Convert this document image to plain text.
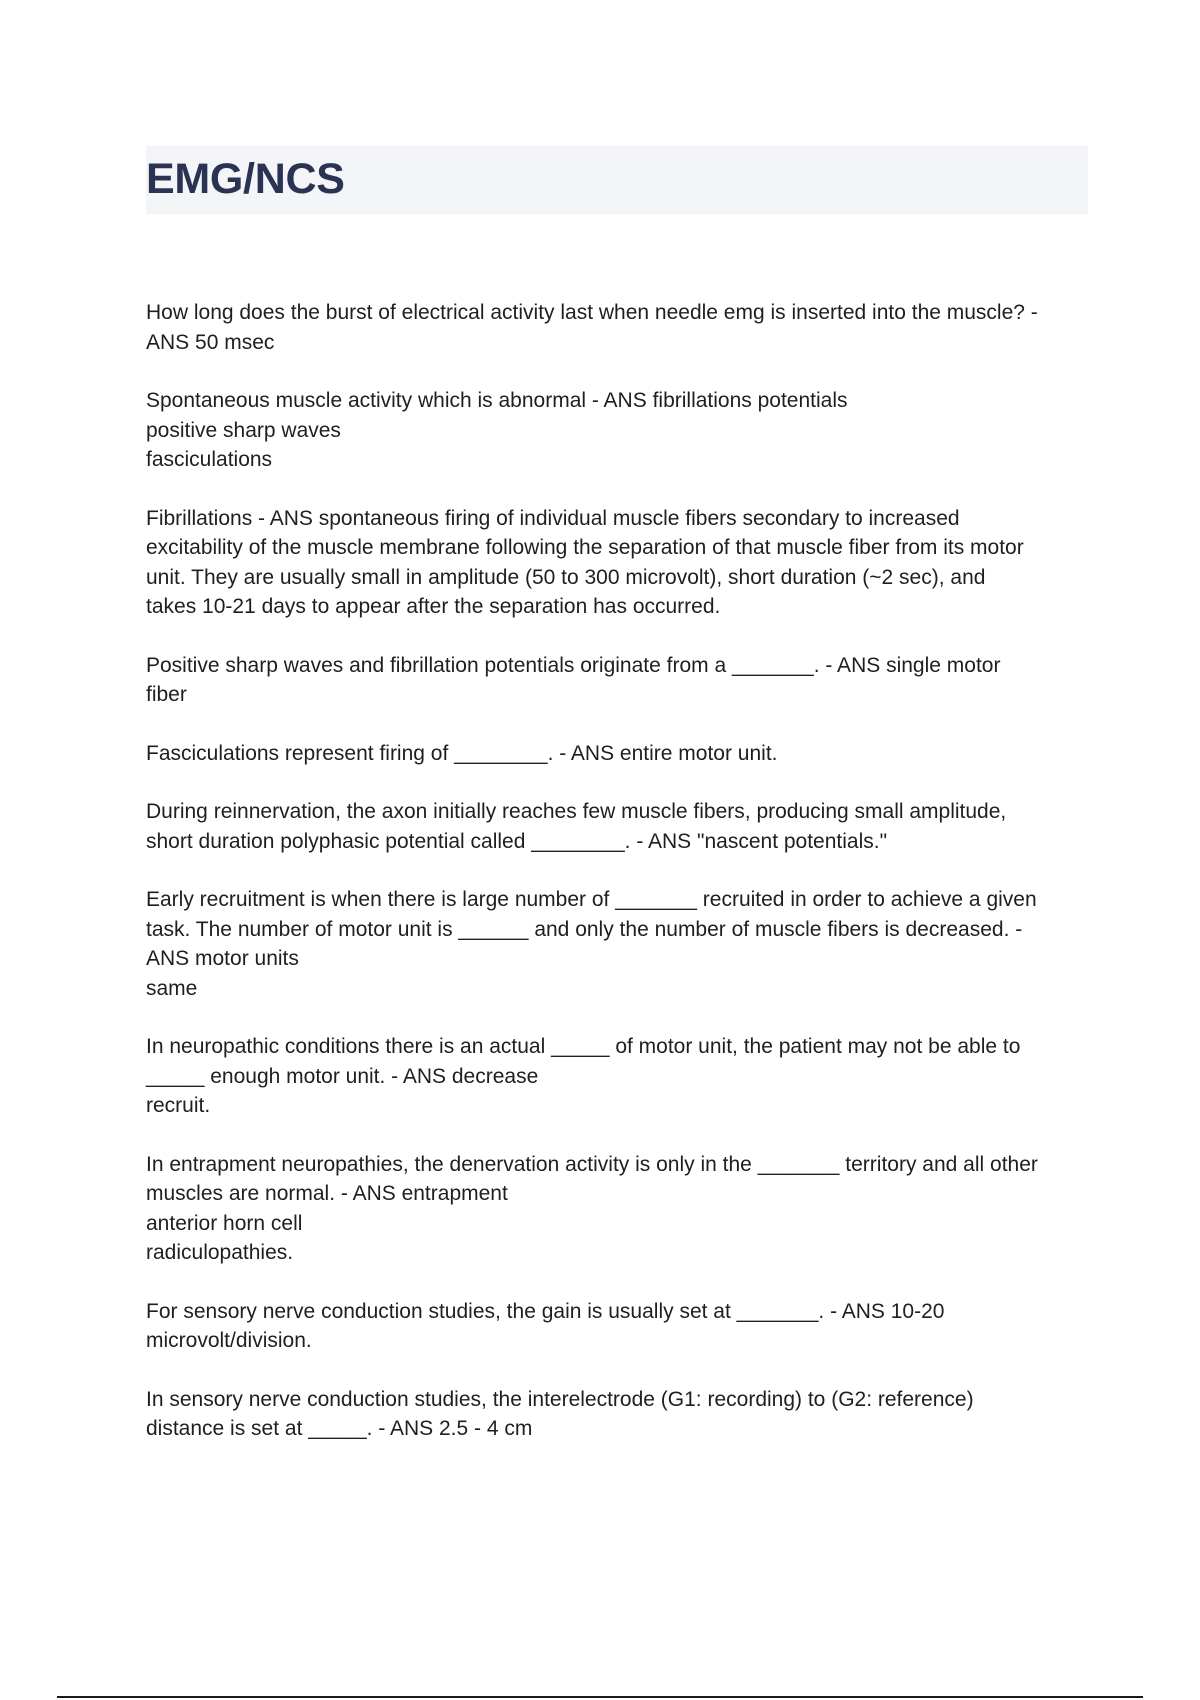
EMG/NCS

How long does the burst of electrical activity last when needle emg is inserted into the muscle? -
ANS 50 msec

Spontaneous muscle activity which is abnormal - ANS fibrillations potentials
positive sharp waves
fasciculations

Fibrillations - ANS spontaneous firing of individual muscle fibers secondary to increased
excitability of the muscle membrane following the separation of that muscle fiber from its motor
unit. They are usually small in amplitude (50 to 300 microvolt), short duration (~2 sec), and
takes 10-21 days to appear after the separation has occurred.

Positive sharp waves and fibrillation potentials originate from a _______. - ANS single motor
fiber

Fasciculations represent firing of ________. - ANS entire motor unit.

During reinnervation, the axon initially reaches few muscle fibers, producing small amplitude,
short duration polyphasic potential called ________. - ANS "nascent potentials."

Early recruitment is when there is large number of _______ recruited in order to achieve a given
task. The number of motor unit is ______ and only the number of muscle fibers is decreased. -
ANS motor units
same

In neuropathic conditions there is an actual _____ of motor unit, the patient may not be able to
_____ enough motor unit. - ANS decrease
recruit.

In entrapment neuropathies, the denervation activity is only in the _______ territory and all other
muscles are normal. - ANS entrapment
anterior horn cell
radiculopathies.

For sensory nerve conduction studies, the gain is usually set at _______. - ANS 10-20
microvolt/division.

In sensory nerve conduction studies, the interelectrode (G1: recording) to (G2: reference)
distance is set at _____. - ANS 2.5 - 4 cm
